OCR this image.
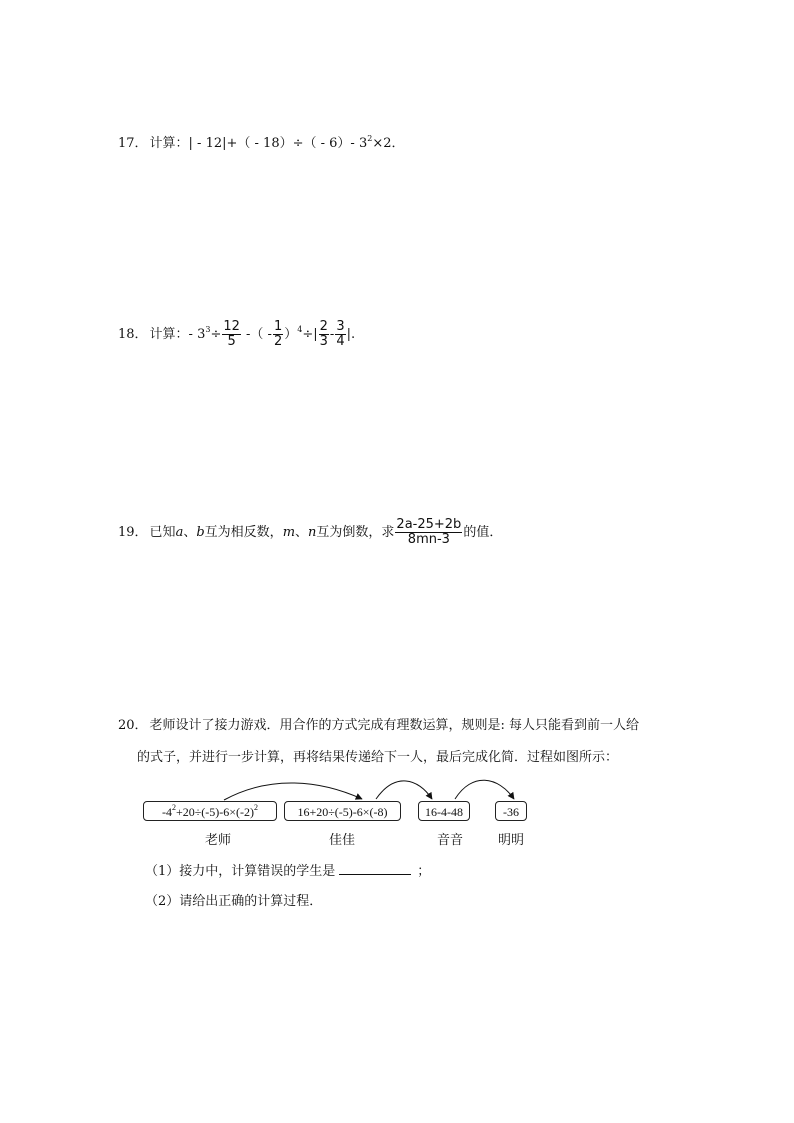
17． 计算：| - 12|+（ - 18）÷（ - 6）- $3^2\times 2$．
18． 计算：- $3^3\div \frac{12}{5}$ -（ - $\frac{1}{2} )^4\div| \frac{2}{3} - \frac{3}{4}$ |.
19． 已知a、b互为相反数，m、n互为倒数，求 $\frac{2a-25+2b}{8mn-3}$ 的值．
20． 老师设计了接力游戏．用合作的方式完成有理数运算，规则是: 每人只能看到前一人给
的式子，并进行一步计算，再将结果传递给下一人，最后完成化简．过程如图所示：
$-4^2+20\div(-5)-6\times(-2)^2$	16+20÷(-5)-6×(-8)	16-4-48	-36
老师	佳佳	音音	明明
（1）接力中，计算错误的学生是	；
（2）请给出正确的计算过程．
